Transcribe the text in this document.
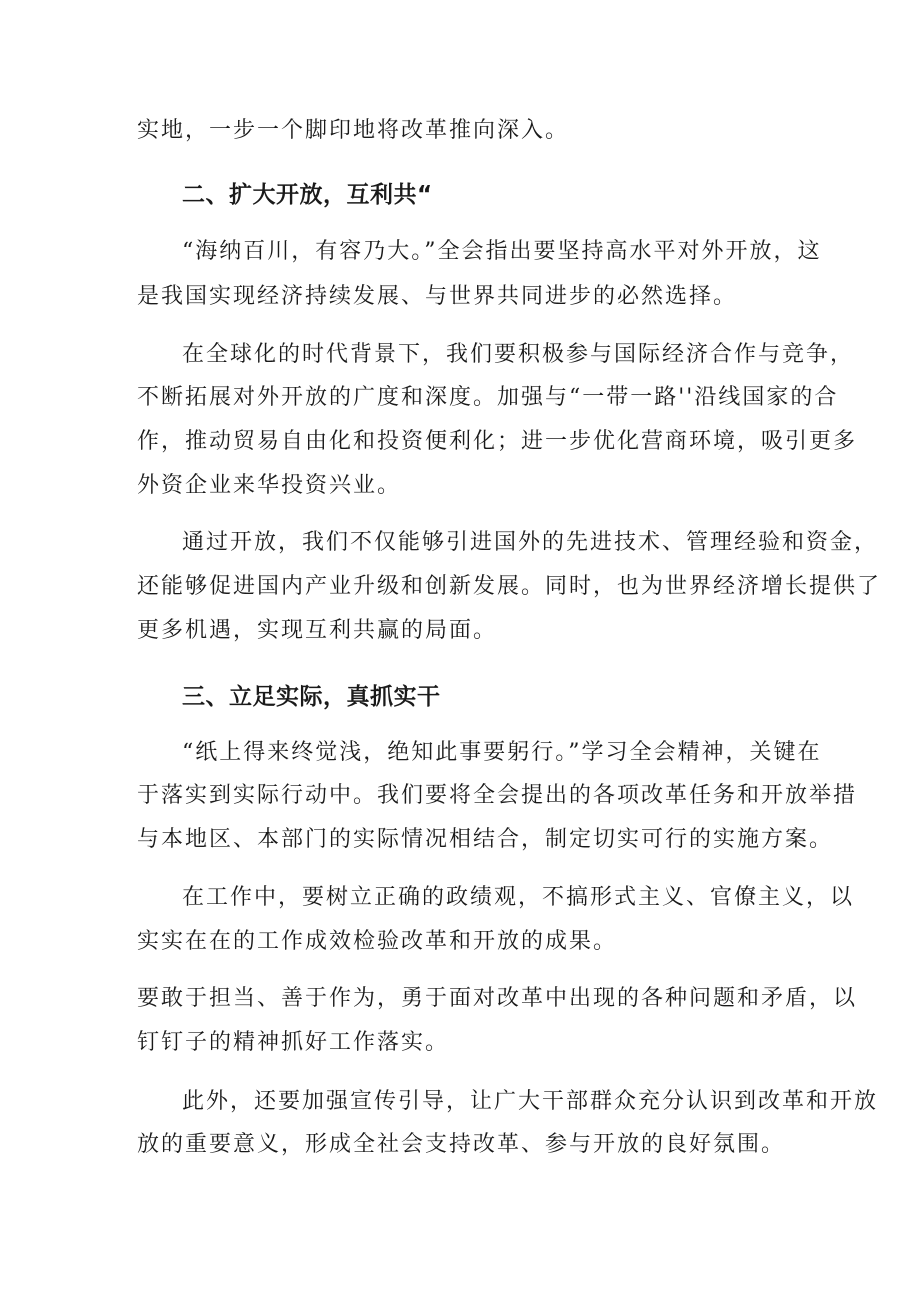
实地，一步一个脚印地将改革推向深入。

二、扩大开放，互利共“

“海纳百川，有容乃大。”全会指出要坚持高水平对外开放，这

是我国实现经济持续发展、与世界共同进步的必然选择。

在全球化的时代背景下，我们要积极参与国际经济合作与竞争，

不断拓展对外开放的广度和深度。加强与“一带一路''沿线国家的合

作，推动贸易自由化和投资便利化；进一步优化营商环境，吸引更多

外资企业来华投资兴业。

通过开放，我们不仅能够引进国外的先进技术、管理经验和资金，

还能够促进国内产业升级和创新发展。同时，也为世界经济增长提供了

更多机遇，实现互利共赢的局面。

三、立足实际，真抓实干

“纸上得来终觉浅，绝知此事要躬行。”学习全会精神，关键在

于落实到实际行动中。我们要将全会提出的各项改革任务和开放举措

与本地区、本部门的实际情况相结合，制定切实可行的实施方案。

在工作中，要树立正确的政绩观，不搞形式主义、官僚主义，以

实实在在的工作成效检验改革和开放的成果。

要敢于担当、善于作为，勇于面对改革中出现的各种问题和矛盾，以

钉钉子的精神抓好工作落实。

此外，还要加强宣传引导，让广大干部群众充分认识到改革和开放

放的重要意义，形成全社会支持改革、参与开放的良好氛围。
